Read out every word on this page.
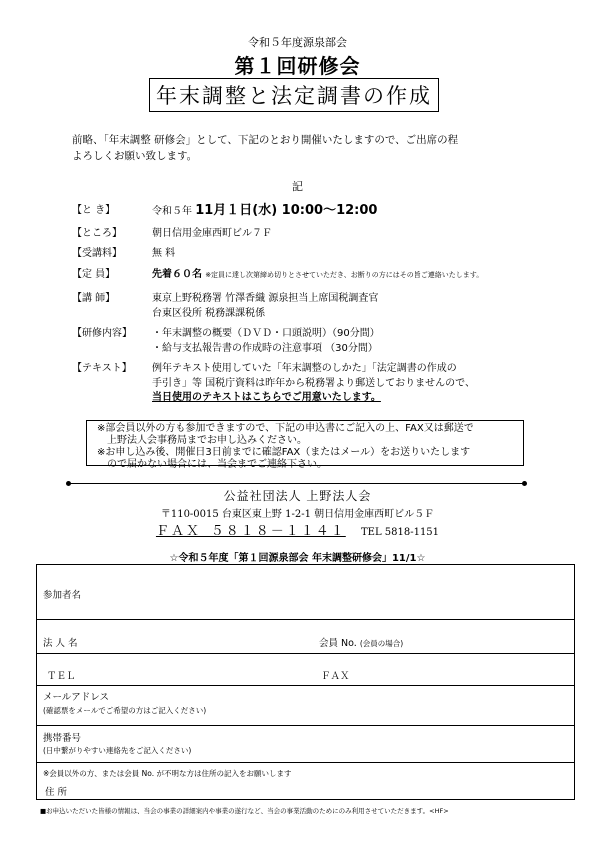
令和５年度源泉部会
第１回研修会
年末調整と法定調書の作成
前略、「年末調整 研修会」として、下記のとおり開催いたしますので、ご出席の程
よろしくお願い致します。
記
【と き】	令和５年 11月１日(水) 10:00～12:00
【ところ】	朝日信用金庫西町ビル７Ｆ
【受講料】	無 料
【定 員】	先着６０名 ※定員に達し次第締め切りとさせていただき、お断りの方にはその旨ご連絡いたします。
【講 師】	東京上野税務署 竹澤香織 源泉担当上席国税調査官
台東区役所 税務課課税係
【研修内容】	・年末調整の概要（ＤＶＤ・口頭説明）（90分間）
・給与支払報告書の作成時の注意事項 （30分間）
【テキスト】	例年テキスト使用していた「年末調整のしかた」「法定調書の作成の
手引き」等 国税庁資料は昨年から税務署より郵送しておりませんので、
当日使用のテキストはこちらでご用意いたします。
※部会員以外の方も参加できますので、下記の申込書にご記入の上、FAX又は郵送で
上野法人会事務局までお申し込みください。
※お申し込み後、開催日3日前までに確認FAX（またはメール）をお送りいたします
ので届かない場合には、当会までご連絡下さい。
公益社団法人 上野法人会
〒110-0015 台東区東上野 1-2-1 朝日信用金庫西町ビル５Ｆ
ＦＡＸ ５８１８－１１４１ TEL 5818-1151
☆令和５年度「第１回源泉部会 年末調整研修会」11/1☆
参加者名
法 人 名	会員 No. (会員の場合)
ＴＥＬ	ＦＡＸ
メールアドレス
(確認票をメールでご希望の方はご記入ください)
携帯番号
(日中繋がりやすい連絡先をご記入ください)
※会員以外の方、または会員 No. が不明な方は住所の記入をお願いします
住 所
■お申込いただいた皆様の情報は、当会の事業の詳細案内や事業の遂行など、当会の事業活動のためにのみ利用させていただきます。<HF>
